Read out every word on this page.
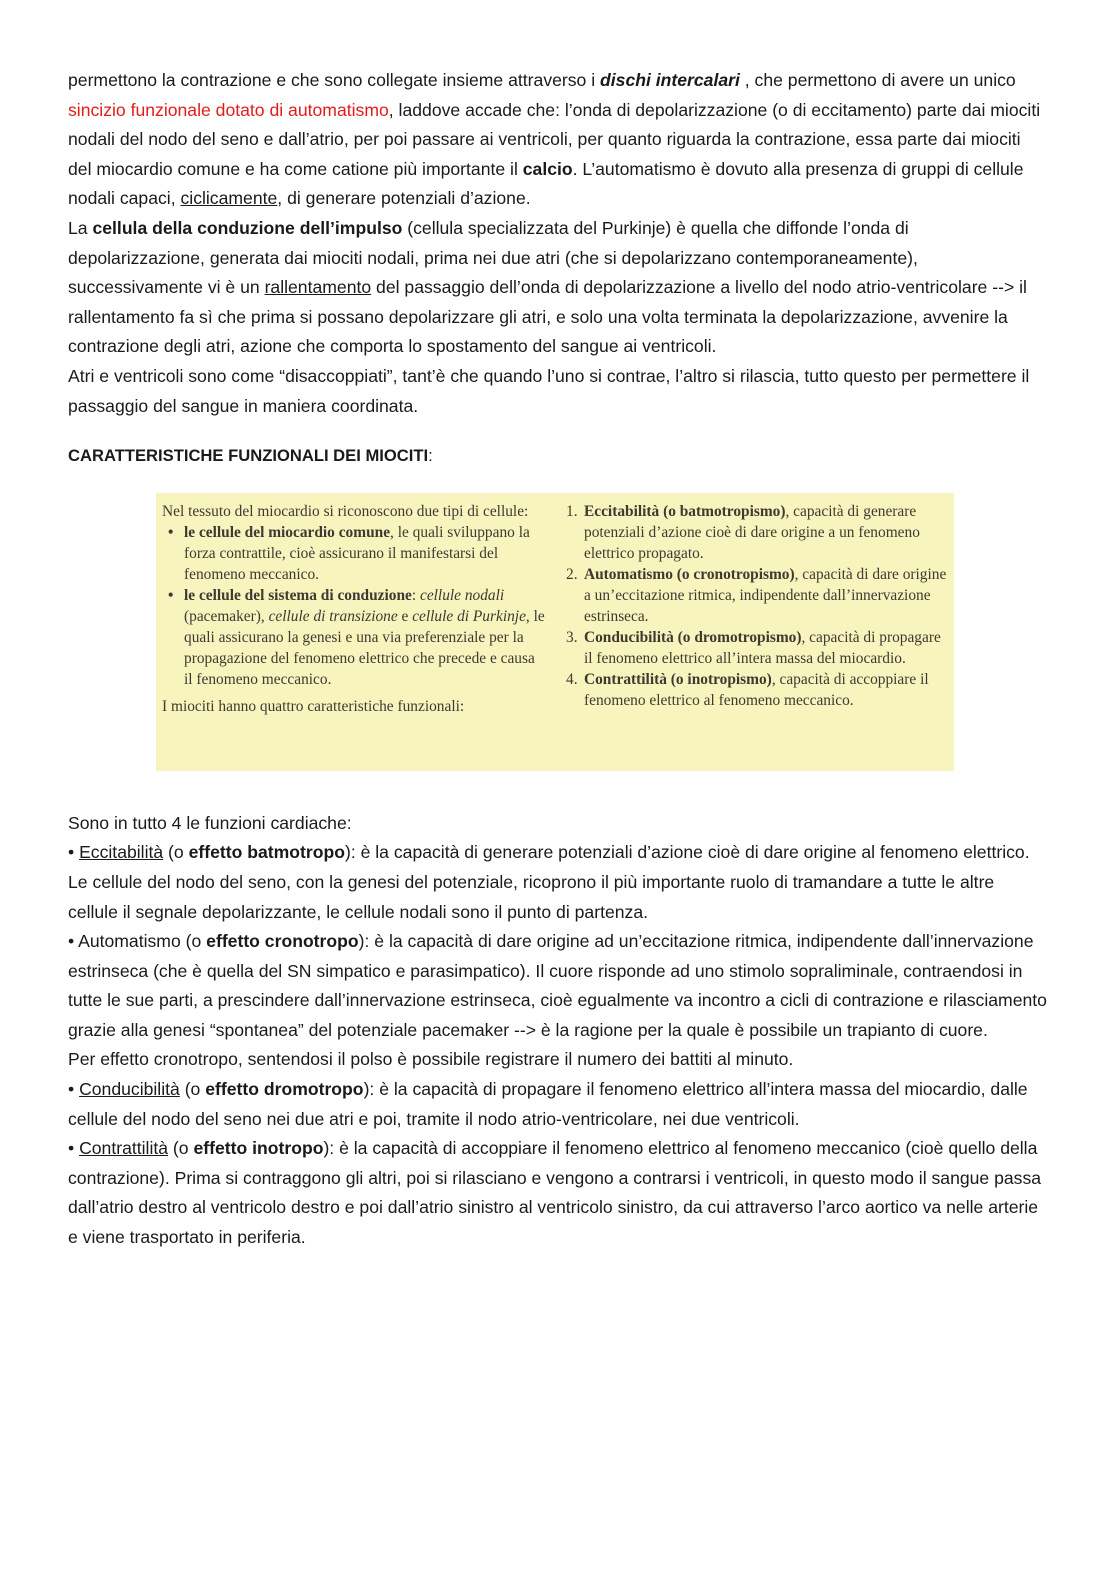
permettono la contrazione e che sono collegate insieme attraverso i dischi intercalari , che permettono di avere un unico sincizio funzionale dotato di automatismo, laddove accade che: l’onda di depolarizzazione (o di eccitamento) parte dai miociti nodali del nodo del seno e dall’atrio, per poi passare ai ventricoli, per quanto riguarda la contrazione, essa parte dai miociti del miocardio comune e ha come catione più importante il calcio. L’automatismo è dovuto alla presenza di gruppi di cellule nodali capaci, ciclicamente, di generare potenziali d’azione.

La cellula della conduzione dell’impulso (cellula specializzata del Purkinje) è quella che diffonde l’onda di depolarizzazione, generata dai miociti nodali, prima nei due atri (che si depolarizzano contemporaneamente), successivamente vi è un rallentamento del passaggio dell’onda di depolarizzazione a livello del nodo atrio-ventricolare --> il rallentamento fa sì che prima si possano depolarizzare gli atri, e solo una volta terminata la depolarizzazione, avvenire la contrazione degli atri, azione che comporta lo spostamento del sangue ai ventricoli.

Atri e ventricoli sono come “disaccoppiati”, tant’è che quando l’uno si contrae, l’altro si rilascia, tutto questo per permettere il passaggio del sangue in maniera coordinata.

CARATTERISTICHE FUNZIONALI DEI MIOCITI:

Nel tessuto del miocardio si riconoscono due tipi di cellule:
• le cellule del miocardio comune, le quali sviluppano la forza contrattile, cioè assicurano il manifestarsi del fenomeno meccanico.
• le cellule del sistema di conduzione: cellule nodali (pacemaker), cellule di transizione e cellule di Purkinje, le quali assicurano la genesi e una via preferenziale per la propagazione del fenomeno elettrico che precede e causa il fenomeno meccanico.
I miociti hanno quattro caratteristiche funzionali:
1. Eccitabilità (o batmotropismo), capacità di generare potenziali d’azione cioè di dare origine a un fenomeno elettrico propagato.
2. Automatismo (o cronotropismo), capacità di dare origine a un’eccitazione ritmica, indipendente dall’innervazione estrinseca.
3. Conducibilità (o dromotropismo), capacità di propagare il fenomeno elettrico all’intera massa del miocardio.
4. Contrattilità (o inotropismo), capacità di accoppiare il fenomeno elettrico al fenomeno meccanico.

Sono in tutto 4 le funzioni cardiache:

• Eccitabilità (o effetto batmotropo): è la capacità di generare potenziali d’azione cioè di dare origine al fenomeno elettrico. Le cellule del nodo del seno, con la genesi del potenziale, ricoprono il più importante ruolo di tramandare a tutte le altre cellule il segnale depolarizzante, le cellule nodali sono il punto di partenza.

• Automatismo (o effetto cronotropo): è la capacità di dare origine ad un’eccitazione ritmica, indipendente dall’innervazione estrinseca (che è quella del SN simpatico e parasimpatico). Il cuore risponde ad uno stimolo sopraliminale, contraendosi in tutte le sue parti, a prescindere dall’innervazione estrinseca, cioè egualmente va incontro a cicli di contrazione e rilasciamento grazie alla genesi “spontanea” del potenziale pacemaker --> è la ragione per la quale è possibile un trapianto di cuore.

Per effetto cronotropo, sentendosi il polso è possibile registrare il numero dei battiti al minuto.

• Conducibilità (o effetto dromotropo): è la capacità di propagare il fenomeno elettrico all’intera massa del miocardio, dalle cellule del nodo del seno nei due atri e poi, tramite il nodo atrio-ventricolare, nei due ventricoli.

• Contrattilità (o effetto inotropo): è la capacità di accoppiare il fenomeno elettrico al fenomeno meccanico (cioè quello della contrazione). Prima si contraggono gli altri, poi si rilasciano e vengono a contrarsi i ventricoli, in questo modo il sangue passa dall’atrio destro al ventricolo destro e poi dall’atrio sinistro al ventricolo sinistro, da cui attraverso l’arco aortico va nelle arterie e viene trasportato in periferia.
